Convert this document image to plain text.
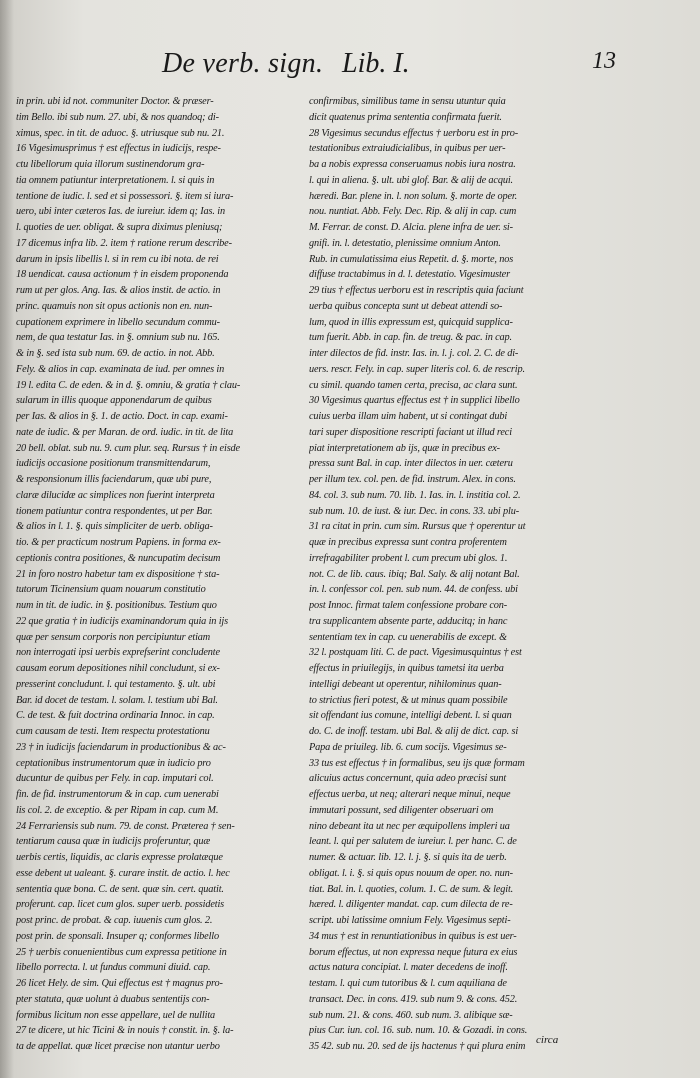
De verb. sign. Lib. I.	13
in prin. ubi id not. communiter Doctor. & præser-
tim Bello. ibi sub num. 27. ubi, & nos quandoq; di-
ximus, spec. in tit. de aduoc. §. utriusque sub nu. 21.
16 Vigesimusprimus † est effectus in iudicijs, respe-
ctu libellorum quia illorum sustinendorum gra-
tia omnem patiuntur interpretationem. l. si quis in
tentione de iudic. l. sed et si possessori. §. item si iura-
uero, ubi inter cæteros Ias. de iureiur. idem q; Ias. in
l. quoties de uer. obligat. & supra diximus pleniusq;
17 dicemus infra lib. 2. item † ratione rerum describe-
darum in ipsis libellis l. si in rem cu ibi nota. de rei
18 uendicat. causa actionum † in eisdem proponenda
rum ut per glos. Ang. Ias. & alios instit. de actio. in
princ. quamuis non sit opus actionis non en. nun-
cupationem exprimere in libello secundum commu-
nem, de qua testatur Ias. in §. omnium sub nu. 165.
& in §. sed ista sub num. 69. de actio. in not. Abb.
Fely. & alios in cap. examinata de iud. per omnes in
19 l. edita C. de eden. & in d. §. omniu, & gratia † clau-
sularum in illis quoque apponendarum de quibus
per Ias. & alios in §. 1. de actio. Doct. in cap. exami-
nate de iudic. & per Maran. de ord. iudic. in tit. de lita
20 bell. oblat. sub nu. 9. cum plur. seq. Rursus † in eisde
iudicijs occasione positionum transmittendarum,
& responsionum illis faciendarum, quæ ubi pure,
claræ dilucidæ ac simplices non fuerint interpreta
tionem patiuntur contra respondentes, ut per Bar.
& alios in l. 1. §. quis simpliciter de uerb. obliga-
tio. & per practicum nostrum Papiens. in forma ex-
ceptionis contra positiones, & nuncupatim decisum
21 in foro nostro habetur tam ex dispositione † sta-
tutorum Ticinensium quam nouarum constitutio
num in tit. de iudic. in §. positionibus. Testium quo
22 que gratia † in iudicijs examinandorum quia in ijs
quæ per sensum corporis non percipiuntur etiam
non interrogati ipsi uerbis exprefserint concludente
causam eorum depositiones nihil concludunt, si ex-
presserint concludunt. l. qui testamento. §. ult. ubi
Bar. id docet de testam. l. solam. l. testium ubi Bal.
C. de test. & fuit doctrina ordinaria Innoc. in cap.
cum causam de testi. Item respectu protestationu
23 † in iudicijs faciendarum in productionibus & ac-
ceptationibus instrumentorum quæ in iudicio pro
ducuntur de quibus per Fely. in cap. imputari col.
fin. de fid. instrumentorum & in cap. cum uenerabi
lis col. 2. de exceptio. & per Ripam in cap. cum M.
24 Ferrariensis sub num. 79. de const. Præterea † sen-
tentiarum causa quæ in iudicijs proferuntur, quæ
uerbis certis, liquidis, ac claris expresse prolatæque
esse debent ut ualeant. §. curare instit. de actio. l. hec
sententia quæ bona. C. de sent. quæ sin. cert. quatit.
proferunt. cap. licet cum glos. super uerb. possidetis
post princ. de probat. & cap. iuuenis cum glos. 2.
post prin. de sponsali. Insuper q; conformes libello
25 † uerbis conuenientibus cum expressa petitione in
libello porrecta. l. ut fundus communi diuid. cap.
26 licet Hely. de sim. Qui effectus est † magnus pro-
pter statuta, quæ uolunt à duabus sententijs con-
formibus licitum non esse appellare, uel de nullita
27 te dicere, ut hic Ticini & in nouis † constit. in. §. la-
ta de appellat. quæ licet præcise non utantur uerbo
confirmibus, similibus tame in sensu utuntur quia
dicit quatenus prima sententia confirmata fuerit.
28 Vigesimus secundus effectus † uerboru est in pro-
testationibus extraiudicialibus, in quibus per uer-
ba a nobis expressa conseruamus nobis iura nostra.
l. qui in aliena. §. ult. ubi glof. Bar. & alij de acqui.
hæredi. Bar. plene in. l. non solum. §. morte de oper.
nou. nuntiat. Abb. Fely. Dec. Rip. & alij in cap. cum
M. Ferrar. de const. D. Alcia. plene infra de uer. si-
gnifi. in. l. detestatio, plenissime omnium Anton.
Rub. in cumulatissima eius Repetit. d. §. morte, nos
diffuse tractabimus in d. l. detestatio. Vigesimuster
29 tius † effectus uerboru est in rescriptis quia faciunt
uerba quibus concepta sunt ut debeat attendi so-
lum, quod in illis expressum est, quicquid supplica-
tum fuerit. Abb. in cap. fin. de treug. & pac. in cap.
inter dilectos de fid. instr. Ias. in. l. j. col. 2. C. de di-
uers. rescr. Fely. in cap. super literis col. 6. de rescrip.
cu simil. quando tamen certa, precisa, ac clara sunt.
30 Vigesimus quartus effectus est † in supplici libello
cuius uerba illam uim habent, ut si contingat dubi
tari super dispositione rescripti faciant ut illud reci
piat interpretationem ab ijs, quæ in precibus ex-
pressa sunt Bal. in cap. inter dilectos in uer. cæteru
per illum tex. col. pen. de fid. instrum. Alex. in cons.
84. col. 3. sub num. 70. lib. 1. Ias. in. l. institia col. 2.
sub num. 10. de iust. & iur. Dec. in cons. 33. ubi plu-
31 ra citat in prin. cum sim. Rursus que † operentur ut
quæ in precibus expressa sunt contra proferentem
irrefragabiliter probent l. cum precum ubi glos. 1.
not. C. de lib. caus. ibiq; Bal. Saly. & alij notant Bal.
in. l. confessor col. pen. sub num. 44. de confess. ubi
post Innoc. firmat talem confessione probare con-
tra supplicantem absente parte, adducitq; in hanc
sententiam tex in cap. cu uenerabilis de except. &
32 l. postquam liti. C. de pact. Vigesimusquintus † est
effectus in priuilegijs, in quibus tametsi ita uerba
intelligi debeant ut operentur, nihilominus quan-
to strictius fieri potest, & ut minus quam possibile
sit offendant ius comune, intelligi debent. l. si quan
do. C. de inoff. testam. ubi Bal. & alij de dict. cap. si
Papa de priuileg. lib. 6. cum socijs. Vigesimus se-
33 tus est effectus † in formalibus, seu ijs quæ formam
alicuius actus concernunt, quia adeo præcisi sunt
effectus uerba, ut neq; alterari neque minui, neque
immutari possunt, sed diligenter obseruari om
nino debeant ita ut nec per æquipollens impleri ua
leant. l. qui per salutem de iureiur. l. per hanc. C. de
numer. & actuar. lib. 12. l. j. §. si quis ita de uerb.
obligat. l. i. §. si quis opus nouum de oper. no. nun-
tiat. Bal. in. l. quoties, colum. 1. C. de sum. & legit.
hæred. l. diligenter mandat. cap. cum dilecta de re-
script. ubi latissime omnium Fely. Vigesimus septi-
34 mus † est in renuntiationibus in quibus is est uer-
borum effectus, ut non expressa neque futura ex eius
actus natura concipiat. l. mater decedens de inoff.
testam. l. qui cum tutoribus & l. cum aquiliana de
transact. Dec. in cons. 419. sub num 9. & cons. 452.
sub num. 21. & cons. 460. sub num. 3. alibique sæ-
pius Cur. iun. col. 16. sub. num. 10. & Gozadi. in cons.
35 42. sub nu. 20. sed de ijs hactenus † qui plura enim
circa
